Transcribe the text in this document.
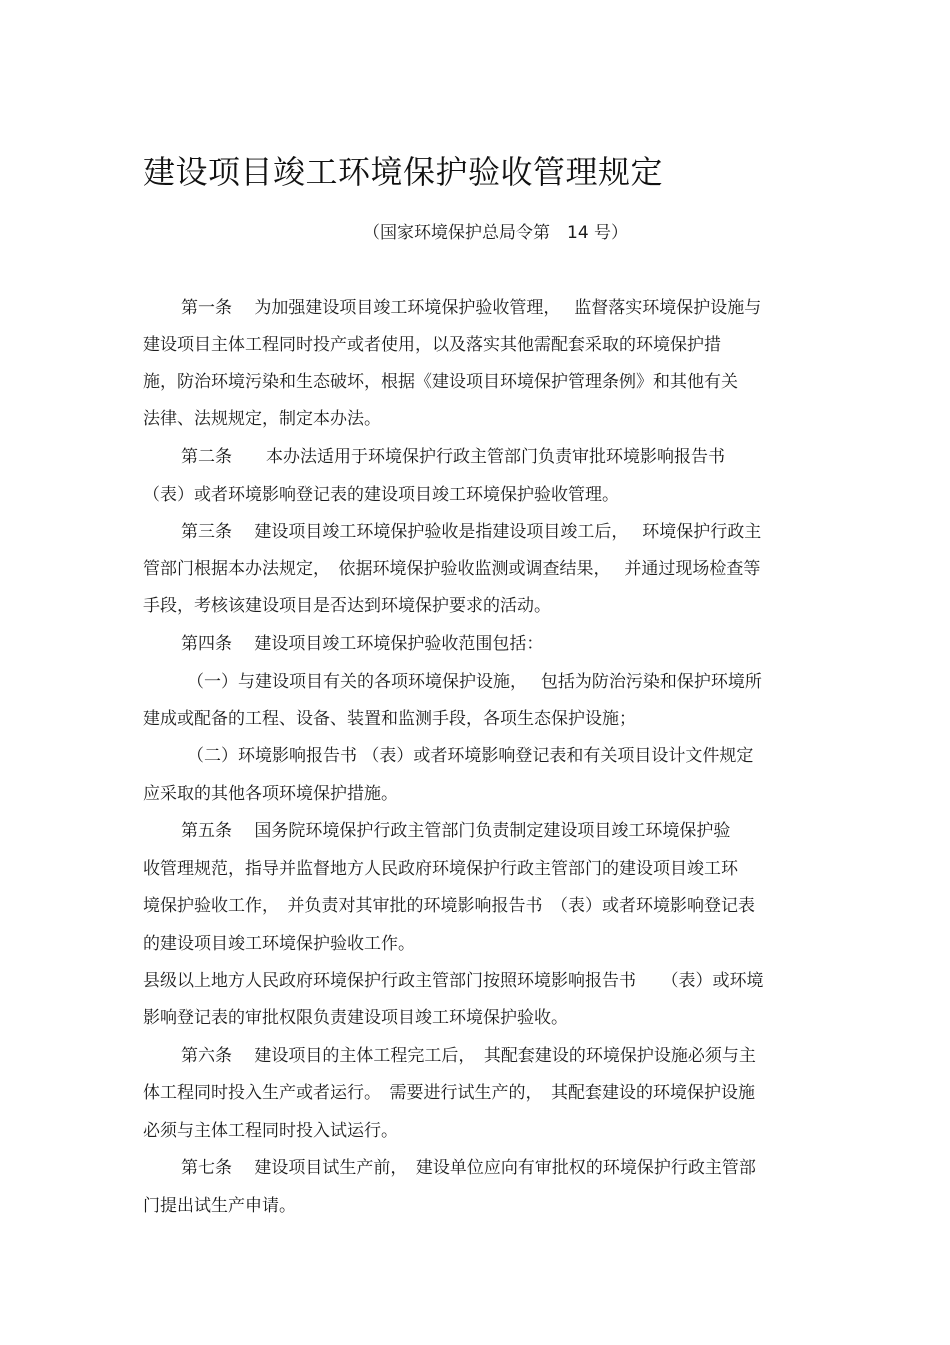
建设项目竣工环境保护验收管理规定
（国家环境保护总局令第　14 号）
第一条　 为加强建设项目竣工环境保护验收管理，　 监督落实环境保护设施与
建设项目主体工程同时投产或者使用，以及落实其他需配套采取的环境保护措
施，防治环境污染和生态破坏，根据《建设项目环境保护管理条例》和其他有关
法律、法规规定，制定本办法。
第二条　　本办法适用于环境保护行政主管部门负责审批环境影响报告书
（表）或者环境影响登记表的建设项目竣工环境保护验收管理。
第三条　 建设项目竣工环境保护验收是指建设项目竣工后，　 环境保护行政主
管部门根据本办法规定，　依据环境保护验收监测或调查结果，　 并通过现场检查等
手段，考核该建设项目是否达到环境保护要求的活动。
第四条　 建设项目竣工环境保护验收范围包括：
（一）与建设项目有关的各项环境保护设施，　 包括为防治污染和保护环境所
建成或配备的工程、设备、装置和监测手段，各项生态保护设施；
（二）环境影响报告书 （表）或者环境影响登记表和有关项目设计文件规定
应采取的其他各项环境保护措施。
第五条　 国务院环境保护行政主管部门负责制定建设项目竣工环境保护验
收管理规范，指导并监督地方人民政府环境保护行政主管部门的建设项目竣工环
境保护验收工作，　并负责对其审批的环境影响报告书　（表）或者环境影响登记表
的建设项目竣工环境保护验收工作。
县级以上地方人民政府环境保护行政主管部门按照环境影响报告书　　（表）或环境
影响登记表的审批权限负责建设项目竣工环境保护验收。
第六条　 建设项目的主体工程完工后，　其配套建设的环境保护设施必须与主
体工程同时投入生产或者运行。　需要进行试生产的，　其配套建设的环境保护设施
必须与主体工程同时投入试运行。
第七条　 建设项目试生产前，　建设单位应向有审批权的环境保护行政主管部
门提出试生产申请。
